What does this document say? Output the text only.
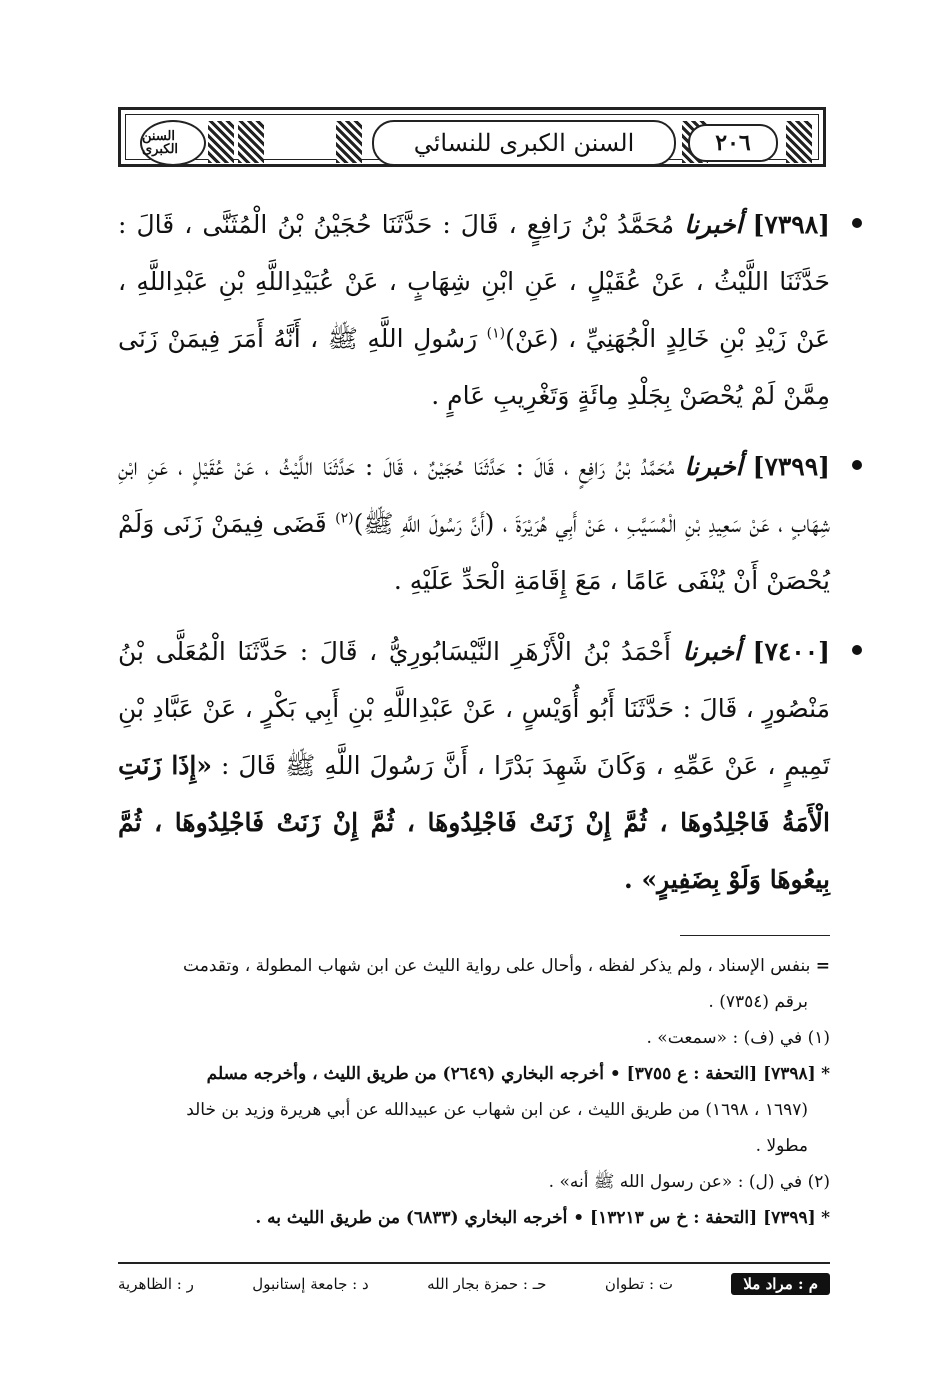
السنن الكبرى	السنن الكبرى للنسائي	٢٠٦
[٧٣٩٨] أخبرنا مُحَمَّدُ بْنُ رَافِعٍ ، قَالَ : حَدَّثَنَا حُجَيْنُ بْنُ الْمُثَنَّى ، قَالَ : حَدَّثَنَا اللَّيْثُ ، عَنْ عُقَيْلٍ ، عَنِ ابْنِ شِهَابٍ ، عَنْ عُبَيْدِاللَّهِ بْنِ عَبْدِاللَّهِ ، عَنْ زَيْدِ بْنِ خَالِدٍ الْجُهَنِيِّ ، (عَنْ)$^{(١)}$ رَسُولِ اللَّهِ ﷺ ، أَنَّهُ أَمَرَ فِيمَنْ زَنَى مِمَّنْ لَمْ يُحْصَنْ بِجَلْدِ مِائَةٍ وَتَغْرِيبِ عَامٍ .
[٧٣٩٩] أخبرنا مُحَمَّدُ بْنُ رَافِعٍ ، قَالَ : حَدَّثَنَا حُجَيْنٌ ، قَالَ : حَدَّثَنَا اللَّيْثُ ، عَنْ عُقَيْلٍ ، عَنِ ابْنِ شِهَابٍ ، عَنْ سَعِيدِ بْنِ الْمُسَيَّبِ ، عَنْ أَبِي هُرَيْرَةَ ، (أَنَّ رَسُولَ اللَّهِ ﷺ)$^{(٢)}$ قَضَى فِيمَنْ زَنَى وَلَمْ يُحْصَنْ أَنْ يُنْفَى عَامًا ، مَعَ إِقَامَةِ الْحَدِّ عَلَيْهِ .
[٧٤٠٠] أخبرنا أَحْمَدُ بْنُ الْأَزْهَرِ النَّيْسَابُورِيُّ ، قَالَ : حَدَّثَنَا الْمُعَلَّى بْنُ مَنْصُورٍ ، قَالَ : حَدَّثَنَا أَبُو أُوَيْسٍ ، عَنْ عَبْدِاللَّهِ بْنِ أَبِي بَكْرٍ ، عَنْ عَبَّادِ بْنِ تَمِيمٍ ، عَنْ عَمِّهِ ، وَكَانَ شَهِدَ بَدْرًا ، أَنَّ رَسُولَ اللَّهِ ﷺ قَالَ : «إِذَا زَنَتِ الْأَمَةُ فَاجْلِدُوهَا ، ثُمَّ إِنْ زَنَتْ فَاجْلِدُوهَا ، ثُمَّ إِنْ زَنَتْ فَاجْلِدُوهَا ، ثُمَّ بِيعُوهَا وَلَوْ بِضَفِيرٍ» .
= بنفس الإسناد ، ولم يذكر لفظه ، وأحال على رواية الليث عن ابن شهاب المطولة ، وتقدمت
برقم (٧٣٥٤) .
(١) في (ف) : «سمعت» .
* [٧٣٩٨] [التحفة : ع ٣٧٥٥] • أخرجه البخاري (٢٦٤٩) من طريق الليث ، وأخرجه مسلم
(١٦٩٧ ، ١٦٩٨) من طريق الليث ، عن ابن شهاب عن عبيدالله عن أبي هريرة وزيد بن خالد
مطولا .
(٢) في (ل) : «عن رسول الله ﷺ أنه» .
* [٧٣٩٩] [التحفة : خ س ١٣٢١٣] • أخرجه البخاري (٦٨٣٣) من طريق الليث به .
م : مراد ملا
ت : تطوان
حـ : حمزة بجار الله
د : جامعة إستانبول
ر : الظاهرية
